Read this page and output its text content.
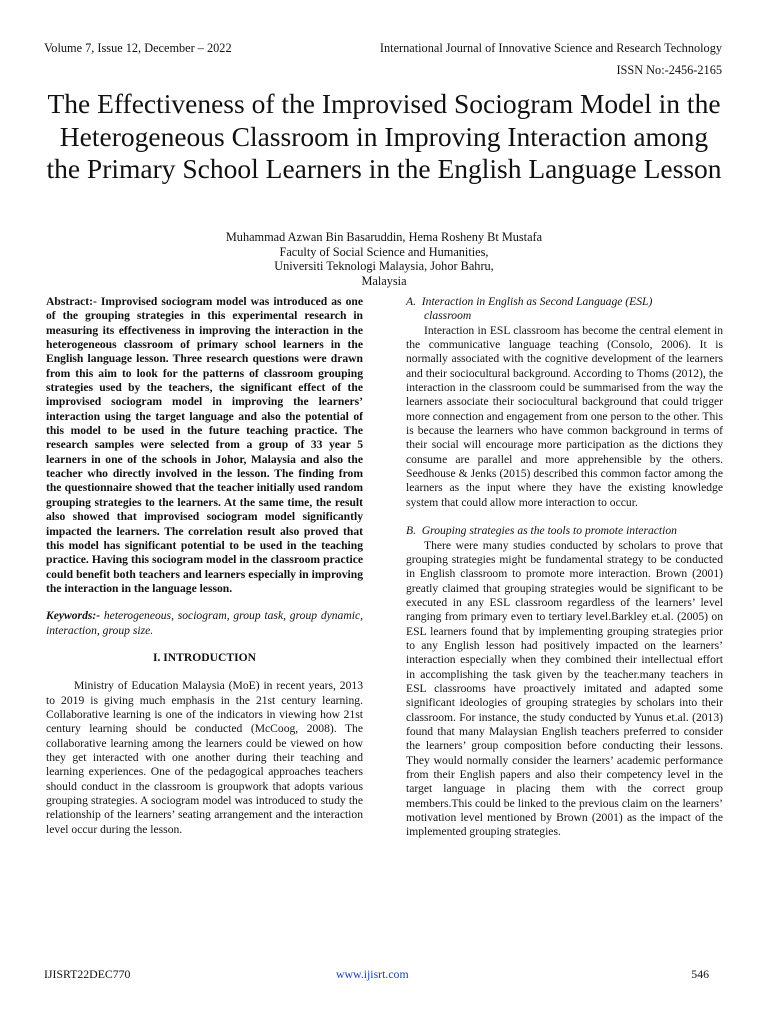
Volume 7, Issue 12, December – 2022	International Journal of Innovative Science and Research Technology
ISSN No:-2456-2165
The Effectiveness of the Improvised Sociogram Model in the Heterogeneous Classroom in Improving Interaction among the Primary School Learners in the English Language Lesson
Muhammad Azwan Bin Basaruddin, Hema Rosheny Bt Mustafa
Faculty of Social Science and Humanities,
Universiti Teknologi Malaysia, Johor Bahru,
Malaysia

Abstract:- Improvised sociogram model was introduced as one of the grouping strategies in this experimental research in measuring its effectiveness in improving the interaction in the heterogeneous classroom of primary school learners in the English language lesson. Three research questions were drawn from this aim to look for the patterns of classroom grouping strategies used by the teachers, the significant effect of the improvised sociogram model in improving the learners’ interaction using the target language and also the potential of this model to be used in the future teaching practice. The research samples were selected from a group of 33 year 5 learners in one of the schools in Johor, Malaysia and also the teacher who directly involved in the lesson. The finding from the questionnaire showed that the teacher initially used random grouping strategies to the learners. At the same time, the result also showed that improvised sociogram model significantly impacted the learners. The correlation result also proved that this model has significant potential to be used in the teaching practice. Having this sociogram model in the classroom practice could benefit both teachers and learners especially in improving the interaction in the language lesson.

Keywords:- heterogeneous, sociogram, group task, group dynamic, interaction, group size.

I. INTRODUCTION

Ministry of Education Malaysia (MoE) in recent years, 2013 to 2019 is giving much emphasis in the 21st century learning. Collaborative learning is one of the indicators in viewing how 21st century learning should be conducted (McCoog, 2008). The collaborative learning among the learners could be viewed on how they get interacted with one another during their teaching and learning experiences. One of the pedagogical approaches teachers should conduct in the classroom is groupwork that adopts various grouping strategies. A sociogram model was introduced to study the relationship of the learners’ seating arrangement and the interaction level occur during the lesson.

A. Interaction in English as Second Language (ESL)
classroom

Interaction in ESL classroom has become the central element in the communicative language teaching (Consolo, 2006). It is normally associated with the cognitive development of the learners and their sociocultural background. According to Thoms (2012), the interaction in the classroom could be summarised from the way the learners associate their sociocultural background that could trigger more connection and engagement from one person to the other. This is because the learners who have common background in terms of their social will encourage more participation as the dictions they consume are parallel and more apprehensible by the others. Seedhouse & Jenks (2015) described this common factor among the learners as the input where they have the existing knowledge system that could allow more interaction to occur.

B. Grouping strategies as the tools to promote interaction

There were many studies conducted by scholars to prove that grouping strategies might be fundamental strategy to be conducted in English classroom to promote more interaction. Brown (2001) greatly claimed that grouping strategies would be significant to be executed in any ESL classroom regardless of the learners’ level ranging from primary even to tertiary level.Barkley et.al. (2005) on ESL learners found that by implementing grouping strategies prior to any English lesson had positively impacted on the learners’ interaction especially when they combined their intellectual effort in accomplishing the task given by the teacher.many teachers in ESL classrooms have proactively imitated and adapted some significant ideologies of grouping strategies by scholars into their classroom. For instance, the study conducted by Yunus et.al. (2013) found that many Malaysian English teachers preferred to consider the learners’ group composition before conducting their lessons. They would normally consider the learners’ academic performance from their English papers and also their competency level in the target language in placing them with the correct group members.This could be linked to the previous claim on the learners’ motivation level mentioned by Brown (2001) as the impact of the implemented grouping strategies.

IJISRT22DEC770	www.ijisrt.com	546
